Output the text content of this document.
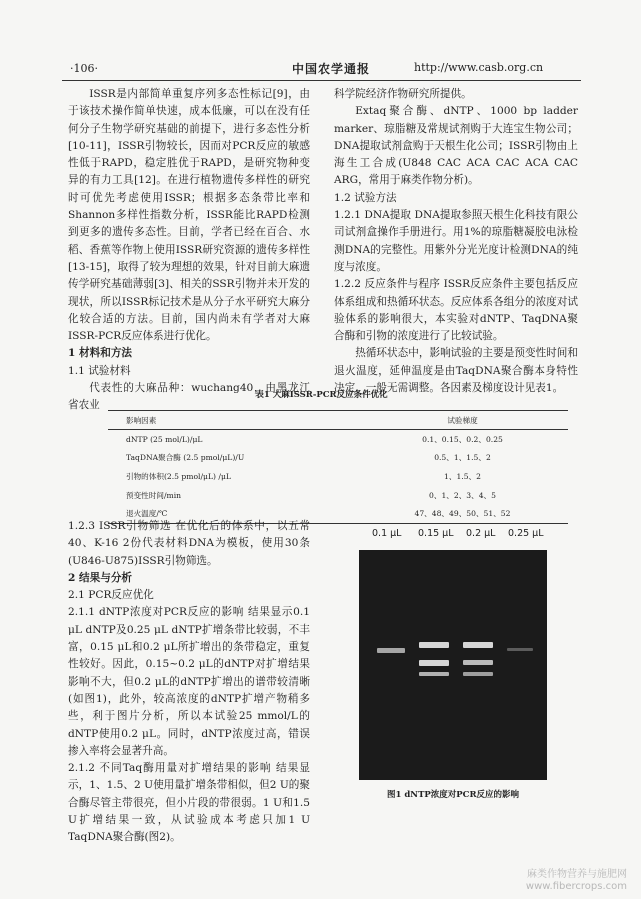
·106·	中国农学通报	http://www.casb.org.cn

ISSR是内部简单重复序列多态性标记[9]，由于该技术操作简单快速，成本低廉，可以在没有任何分子生物学研究基础的前提下，进行多态性分析[10-11]，ISSR引物较长，因而对PCR反应的敏感性低于RAPD，稳定胜优于RAPD，是研究物种变异的有力工具[12]。在进行植物遗传多样性的研究时可优先考虑使用ISSR；根据多态条带比率和Shannon多样性指数分析，ISSR能比RAPD检测到更多的遗传多态性。目前，学者已经在百合、水稻、香蕉等作物上使用ISSR研究资源的遗传多样性[13-15]，取得了较为理想的效果，针对目前大麻遗传学研究基础薄弱[3]、相关的SSR引物并未开发的现状，所以ISSR标记技术是从分子水平研究大麻分化较合适的方法。目前，国内尚未有学者对大麻ISSR-PCR反应体系进行优化。

1 材料和方法

1.1 试验材料

代表性的大麻品种：wuchang40，由黑龙江省农业

科学院经济作物研究所提供。

Extaq聚合酶、dNTP、1000 bp ladder marker、琼脂糖及常规试剂购于大连宝生物公司；DNA提取试剂盒购于天根生化公司；ISSR引物由上海生工合成(U848 CAC ACA CAC ACA CAC ARG，常用于麻类作物分析)。

1.2 试验方法

1.2.1 DNA提取 DNA提取参照天根生化科技有限公司试剂盒操作手册进行。用1%的琼脂糖凝胶电泳检测DNA的完整性。用紫外分光光度计检测DNA的纯度与浓度。

1.2.2 反应条件与程序 ISSR反应条件主要包括反应体系组成和热循环状态。反应体系各组分的浓度对试验体系的影响很大，本实验对dNTP、TaqDNA聚合酶和引物的浓度进行了比较试验。

热循环状态中，影响试验的主要是预变性时间和退火温度，延伸温度是由TaqDNA聚合酶本身特性决定，一般无需调整。各因素及梯度设计见表1。

表1 大麻ISSR-PCR反应条件优化
影响因素	试验梯度
dNTP (25 mol/L)/μL	0.1、0.15、0.2、0.25
TaqDNA聚合酶 (2.5 pmol/μL)/U	0.5、1、1.5、2
引物的体积(2.5 pmol/μL) /μL	1、1.5、2
预变性时间/min	0、1、2、3、4、5
退火温度/℃	47、48、49、50、51、52

1.2.3 ISSR引物筛选 在优化后的体系中，以五常40、K-16 2份代表材料DNA为模板，使用30条(U846-U875)ISSR引物筛选。

2 结果与分析

2.1 PCR反应优化

2.1.1 dNTP浓度对PCR反应的影响 结果显示0.1 μL dNTP及0.25 μL dNTP扩增条带比较弱，不丰富，0.15 μL和0.2 μL所扩增出的条带稳定，重复性较好。因此，0.15~0.2 μL的dNTP对扩增结果影响不大，但0.2 μL的dNTP扩增出的谱带较清晰(如图1)，此外，较高浓度的dNTP扩增产物稍多些，利于图片分析，所以本试验25 mmol/L的dNTP使用0.2 μL。同时，dNTP浓度过高，错误掺入率将会显著升高。

2.1.2 不同Taq酶用量对扩增结果的影响 结果显示，1、1.5、2 U使用量扩增条带相似，但2 U的聚合酶尽管主带很亮，但小片段的带很弱。1 U和1.5 U扩增结果一致，从试验成本考虑只加1 U TaqDNA聚合酶(图2)。

0.1 μL 0.15 μL 0.2 μL 0.25 μL
图1 dNTP浓度对PCR反应的影响
麻类作物营养与施肥网
www.fibercrops.com
